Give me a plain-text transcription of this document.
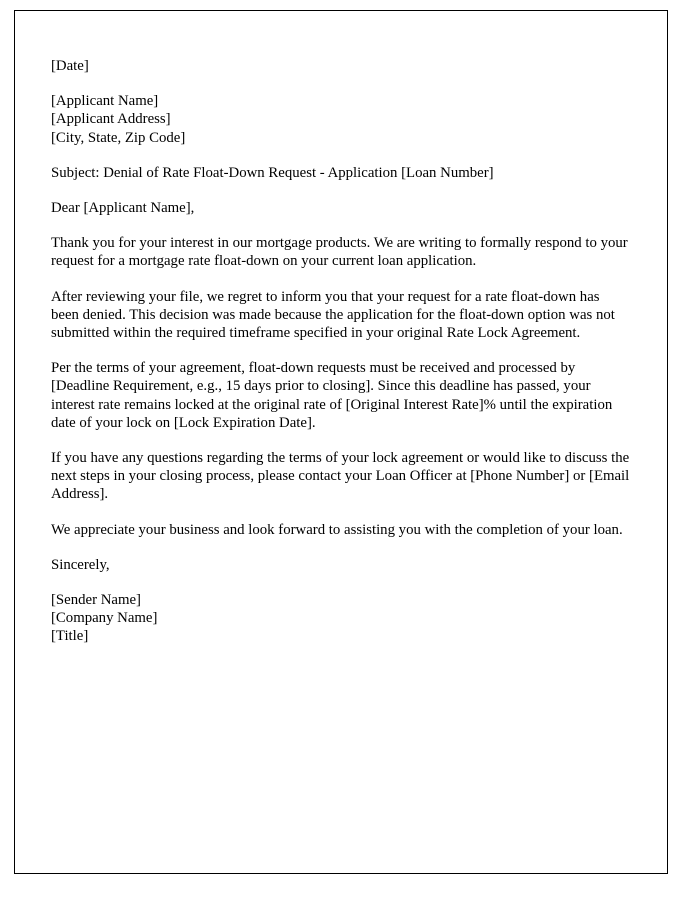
[Date]
[Applicant Name]
[Applicant Address]
[City, State, Zip Code]

Subject: Denial of Rate Float-Down Request - Application [Loan Number]

Dear [Applicant Name],

Thank you for your interest in our mortgage products. We are writing to formally respond to your request for a mortgage rate float-down on your current loan application.

After reviewing your file, we regret to inform you that your request for a rate float-down has been denied. This decision was made because the application for the float-down option was not submitted within the required timeframe specified in your original Rate Lock Agreement.

Per the terms of your agreement, float-down requests must be received and processed by [Deadline Requirement, e.g., 15 days prior to closing]. Since this deadline has passed, your interest rate remains locked at the original rate of [Original Interest Rate]% until the expiration date of your lock on [Lock Expiration Date].

If you have any questions regarding the terms of your lock agreement or would like to discuss the next steps in your closing process, please contact your Loan Officer at [Phone Number] or [Email Address].

We appreciate your business and look forward to assisting you with the completion of your loan.

Sincerely,

[Sender Name]
[Company Name]
[Title]
